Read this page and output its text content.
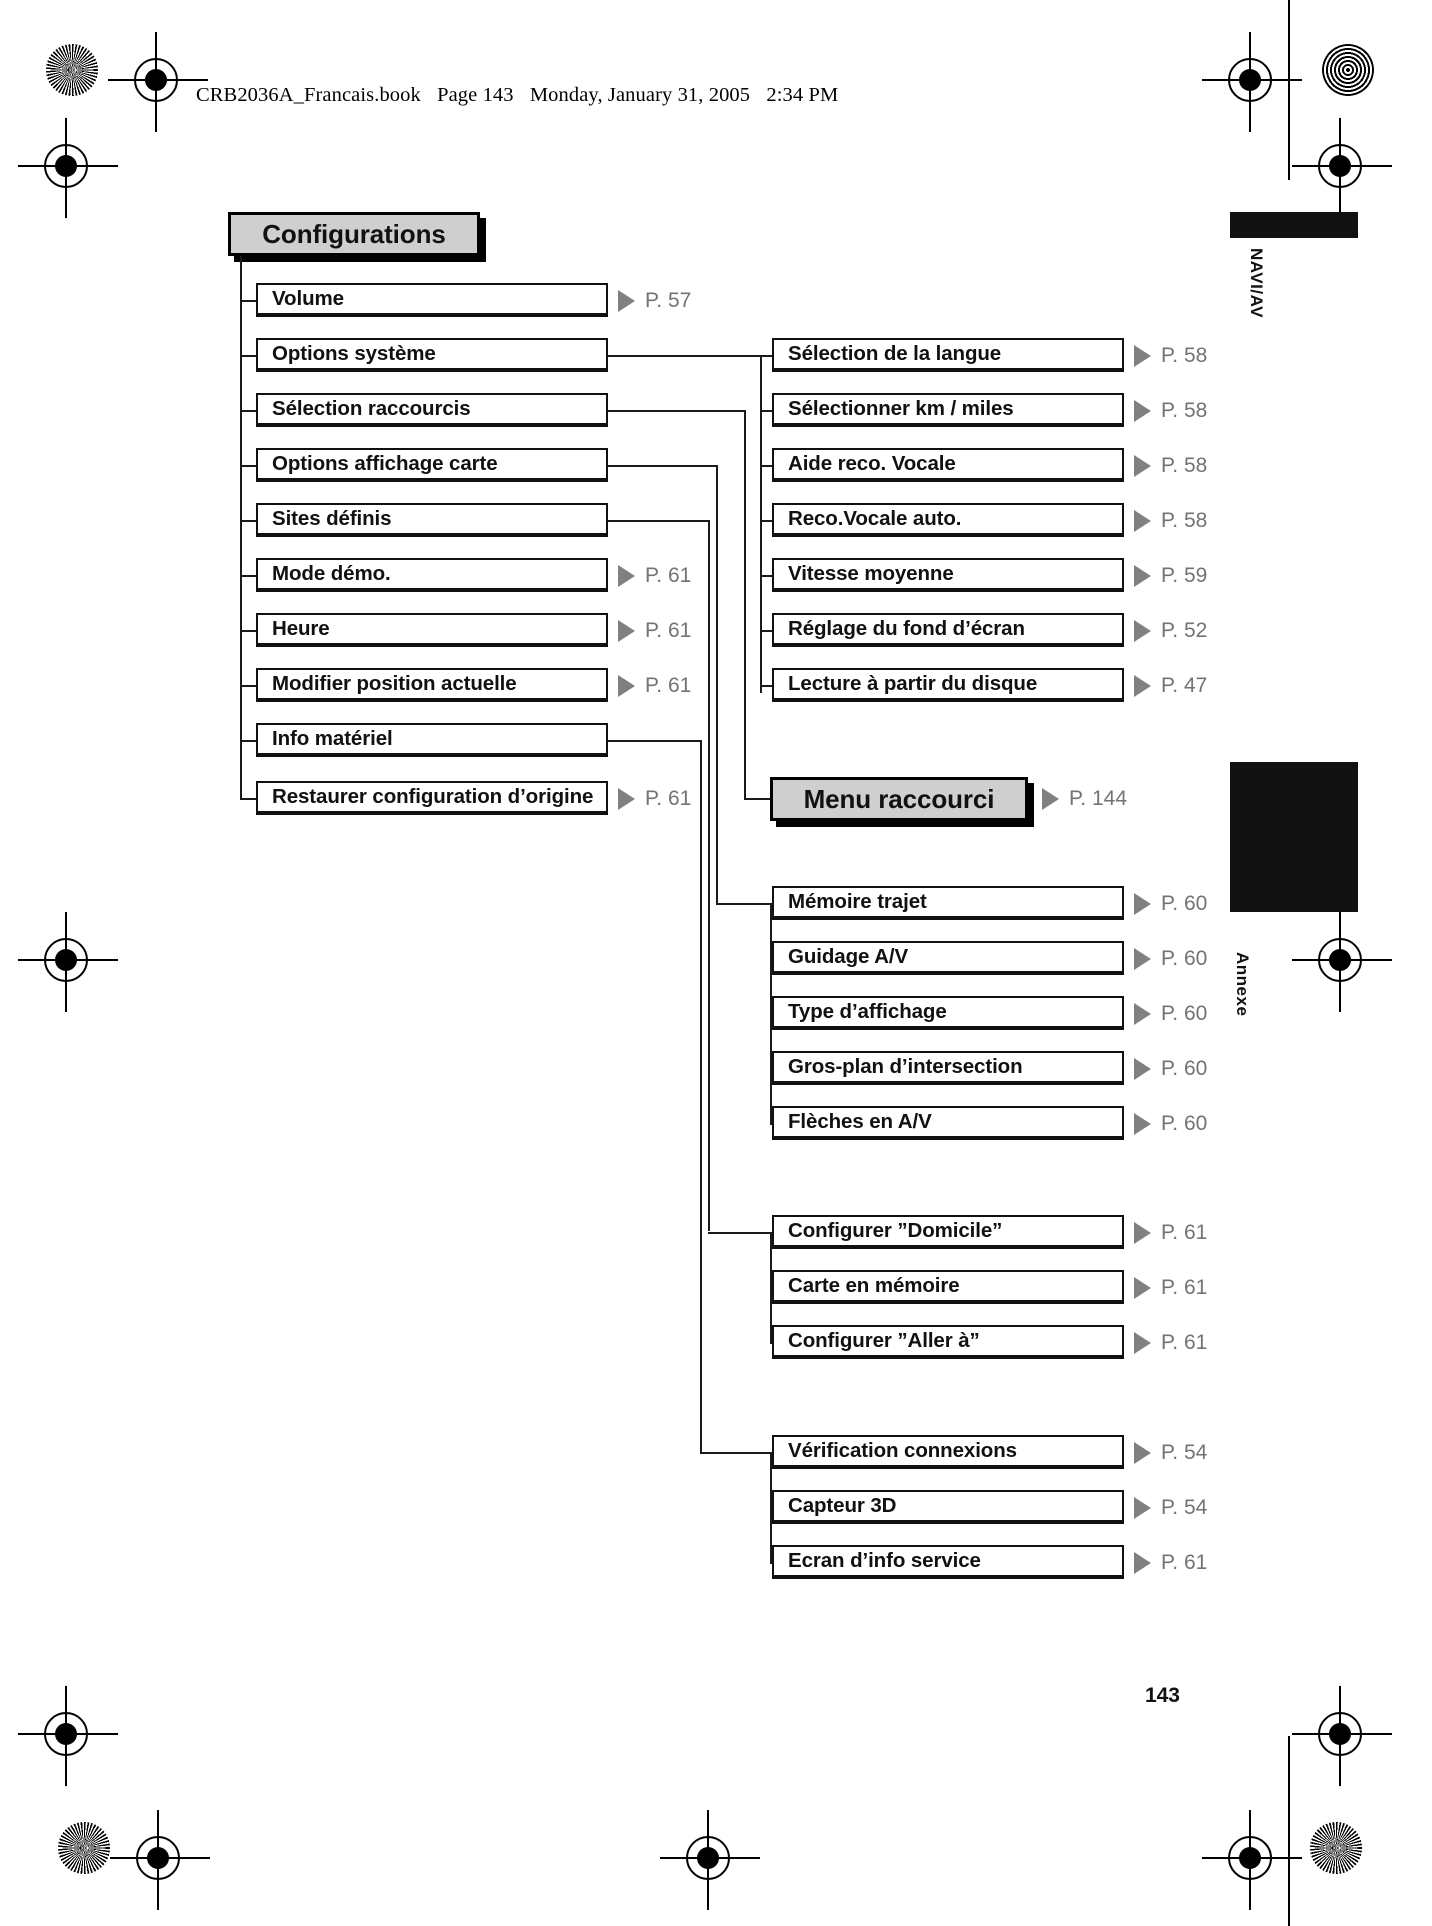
CRB2036A_Francais.book Page 143 Monday, January 31, 2005 2:34 PM
NAVI/AV
Annexe
Configurations
Volume	P. 57
Options système
Sélection raccourcis
Options affichage carte
Sites définis
Mode démo.	P. 61
Heure	P. 61
Modifier position actuelle	P. 61
Info matériel
Restaurer configuration d’origine P. 61
Sélection de la langue	P. 58
Sélectionner km / miles	P. 58
Aide reco. Vocale	P. 58
Reco.Vocale auto.	P. 58
Vitesse moyenne	P. 59
Réglage du fond d’écran	P. 52
Lecture à partir du disque	P. 47
Menu raccourci	P. 144
Mémoire trajet	P. 60
Guidage A/V	P. 60
Type d’affichage	P. 60
Gros-plan d’intersection	P. 60
Flèches en A/V	P. 60
Configurer ”Domicile”	P. 61
Carte en mémoire	P. 61
Configurer ”Aller à”	P. 61
Vérification connexions	P. 54
Capteur 3D	P. 54
Ecran d’info service	P. 61
143
